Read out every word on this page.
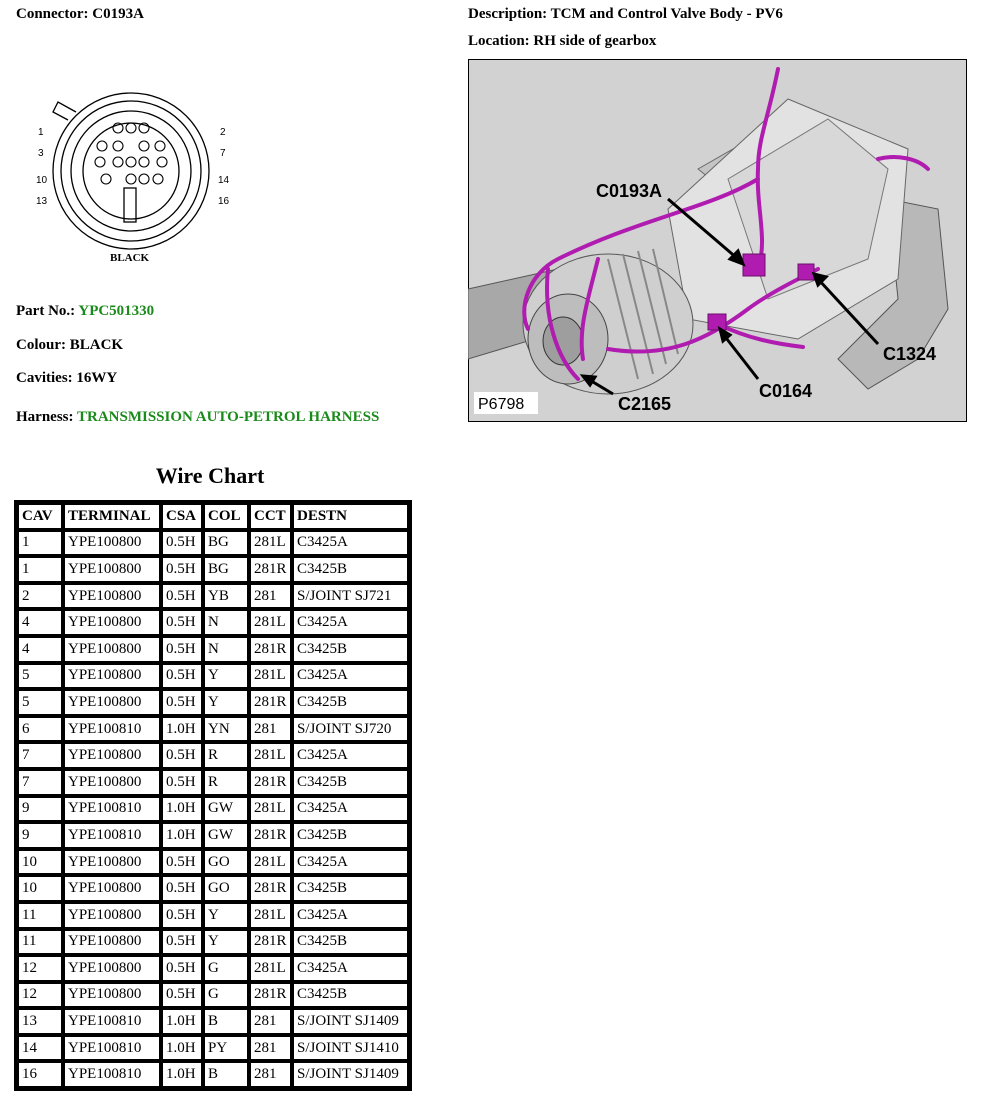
Connector: C0193A	Description: TCM and Control Valve Body - PV6
Location: RH side of gearbox
1	2
3	7
10	14
13	16
BLACK
Part No.: YPC501330
Colour: BLACK
Cavities: 16WY
Harness: TRANSMISSION AUTO-PETROL HARNESS
C0193A
C1324
C0164
C2165
P6798
Wire Chart
CAV	TERMINAL	CSA	COL	CCT	DESTN
1	YPE100800	0.5H	BG	281L	C3425A
1	YPE100800	0.5H	BG	281R	C3425B
2	YPE100800	0.5H	YB	281	S/JOINT SJ721
4	YPE100800	0.5H	N	281L	C3425A
4	YPE100800	0.5H	N	281R	C3425B
5	YPE100800	0.5H	Y	281L	C3425A
5	YPE100800	0.5H	Y	281R	C3425B
6	YPE100810	1.0H	YN	281	S/JOINT SJ720
7	YPE100800	0.5H	R	281L	C3425A
7	YPE100800	0.5H	R	281R	C3425B
9	YPE100810	1.0H	GW	281L	C3425A
9	YPE100810	1.0H	GW	281R	C3425B
10	YPE100800	0.5H	GO	281L	C3425A
10	YPE100800	0.5H	GO	281R	C3425B
11	YPE100800	0.5H	Y	281L	C3425A
11	YPE100800	0.5H	Y	281R	C3425B
12	YPE100800	0.5H	G	281L	C3425A
12	YPE100800	0.5H	G	281R	C3425B
13	YPE100810	1.0H	B	281	S/JOINT SJ1409
14	YPE100810	1.0H	PY	281	S/JOINT SJ1410
16	YPE100810	1.0H	B	281	S/JOINT SJ1409
